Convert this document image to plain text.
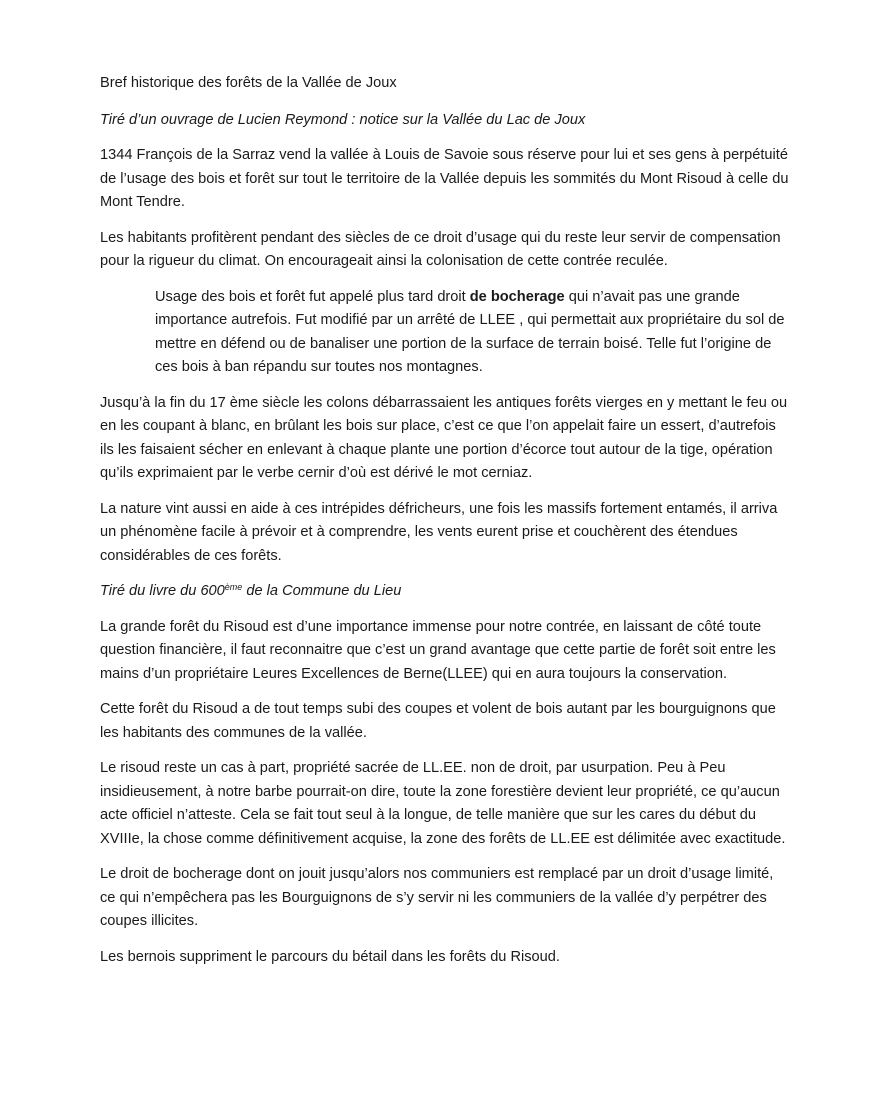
Bref historique des forêts de la Vallée de Joux

Tiré d’un ouvrage de Lucien Reymond : notice sur la Vallée du Lac de Joux

1344 François de la Sarraz vend la vallée à Louis de Savoie sous réserve pour lui et ses gens à perpétuité de l’usage des bois et forêt sur tout le territoire de la Vallée depuis les sommités du Mont Risoud à celle du Mont Tendre.

Les habitants profitèrent pendant des siècles de ce droit d’usage qui du reste leur servir de compensation pour la rigueur du climat. On encourageait ainsi la colonisation de cette contrée reculée.

Usage des bois et forêt fut appelé plus tard droit de bocherage qui n’avait pas une grande importance autrefois. Fut modifié par un arrêté de LLEE , qui permettait aux propriétaire du sol de mettre en défend ou de banaliser une portion de la surface de terrain boisé. Telle fut l’origine de ces bois à ban répandu sur toutes nos montagnes.

Jusqu’à la fin du 17 ème siècle les colons débarrassaient les antiques forêts vierges en y mettant le feu ou en les coupant à blanc, en brûlant les bois sur place, c’est ce que l’on appelait faire un essert, d’autrefois ils les faisaient sécher en enlevant à chaque plante une portion d’écorce tout autour de la tige, opération qu’ils exprimaient par le verbe cernir d’où est dérivé le mot cerniaz.

La nature vint aussi en aide à ces intrépides défricheurs, une fois les massifs fortement entamés, il arriva un phénomène facile à prévoir et à comprendre, les vents eurent prise et couchèrent des étendues considérables de ces forêts.

Tiré du livre du 600ème de la Commune du Lieu

La grande forêt du Risoud est d’une importance immense pour notre contrée, en laissant de côté toute question financière, il faut reconnaitre que c’est un grand avantage que cette partie de forêt soit entre les mains d’un propriétaire Leures Excellences de Berne(LLEE) qui en aura toujours la conservation.

Cette forêt du Risoud a de tout temps subi des coupes et volent de bois autant par les bourguignons que les habitants des communes de la vallée.

Le risoud reste un cas à part, propriété sacrée de LL.EE. non de droit, par usurpation. Peu à Peu insidieusement, à notre barbe pourrait-on dire, toute la zone forestière devient leur propriété, ce qu’aucun acte officiel n’atteste. Cela se fait tout seul à la longue, de telle manière que sur les cares du début du XVIIIe, la chose comme définitivement acquise, la zone des forêts de LL.EE est délimitée avec exactitude.

Le droit de bocherage dont on jouit jusqu’alors nos communiers est remplacé par un droit d’usage limité, ce qui n’empêchera pas les Bourguignons de s’y servir ni les communiers de la vallée d’y perpétrer des coupes illicites.

Les bernois suppriment le parcours du bétail dans les forêts du Risoud.
